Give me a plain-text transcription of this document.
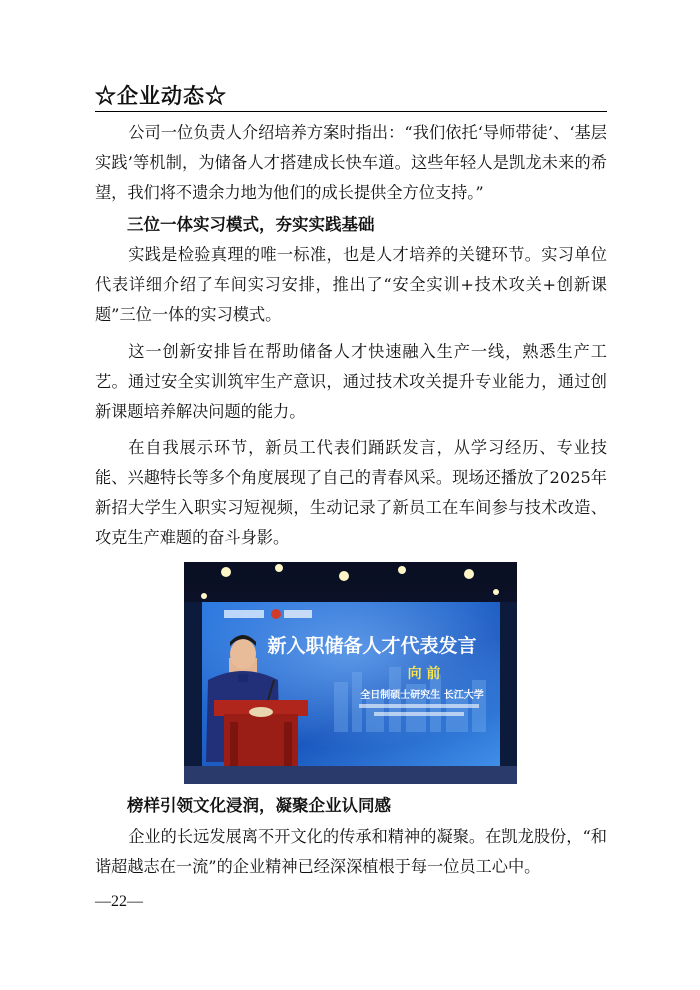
☆企业动态☆

公司一位负责人介绍培养方案时指出：“我们依托‘导师带徒’、‘基层实践’等机制，为储备人才搭建成长快车道。这些年轻人是凯龙未来的希望，我们将不遗余力地为他们的成长提供全方位支持。”

三位一体实习模式，夯实实践基础

实践是检验真理的唯一标准，也是人才培养的关键环节。实习单位代表详细介绍了车间实习安排，推出了“安全实训+技术攻关+创新课题”三位一体的实习模式。

这一创新安排旨在帮助储备人才快速融入生产一线，熟悉生产工艺。通过安全实训筑牢生产意识，通过技术攻关提升专业能力，通过创新课题培养解决问题的能力。

在自我展示环节，新员工代表们踊跃发言，从学习经历、专业技能、兴趣特长等多个角度展现了自己的青春风采。现场还播放了2025年新招大学生入职实习短视频，生动记录了新员工在车间参与技术改造、攻克生产难题的奋斗身影。

新入职储备人才代表发言
向 前
全日制硕士研究生 长江大学
榜样引领文化浸润，凝聚企业认同感

企业的长远发展离不开文化的传承和精神的凝聚。在凯龙股份，“和谐超越志在一流”的企业精神已经深深植根于每一位员工心中。

—22—
